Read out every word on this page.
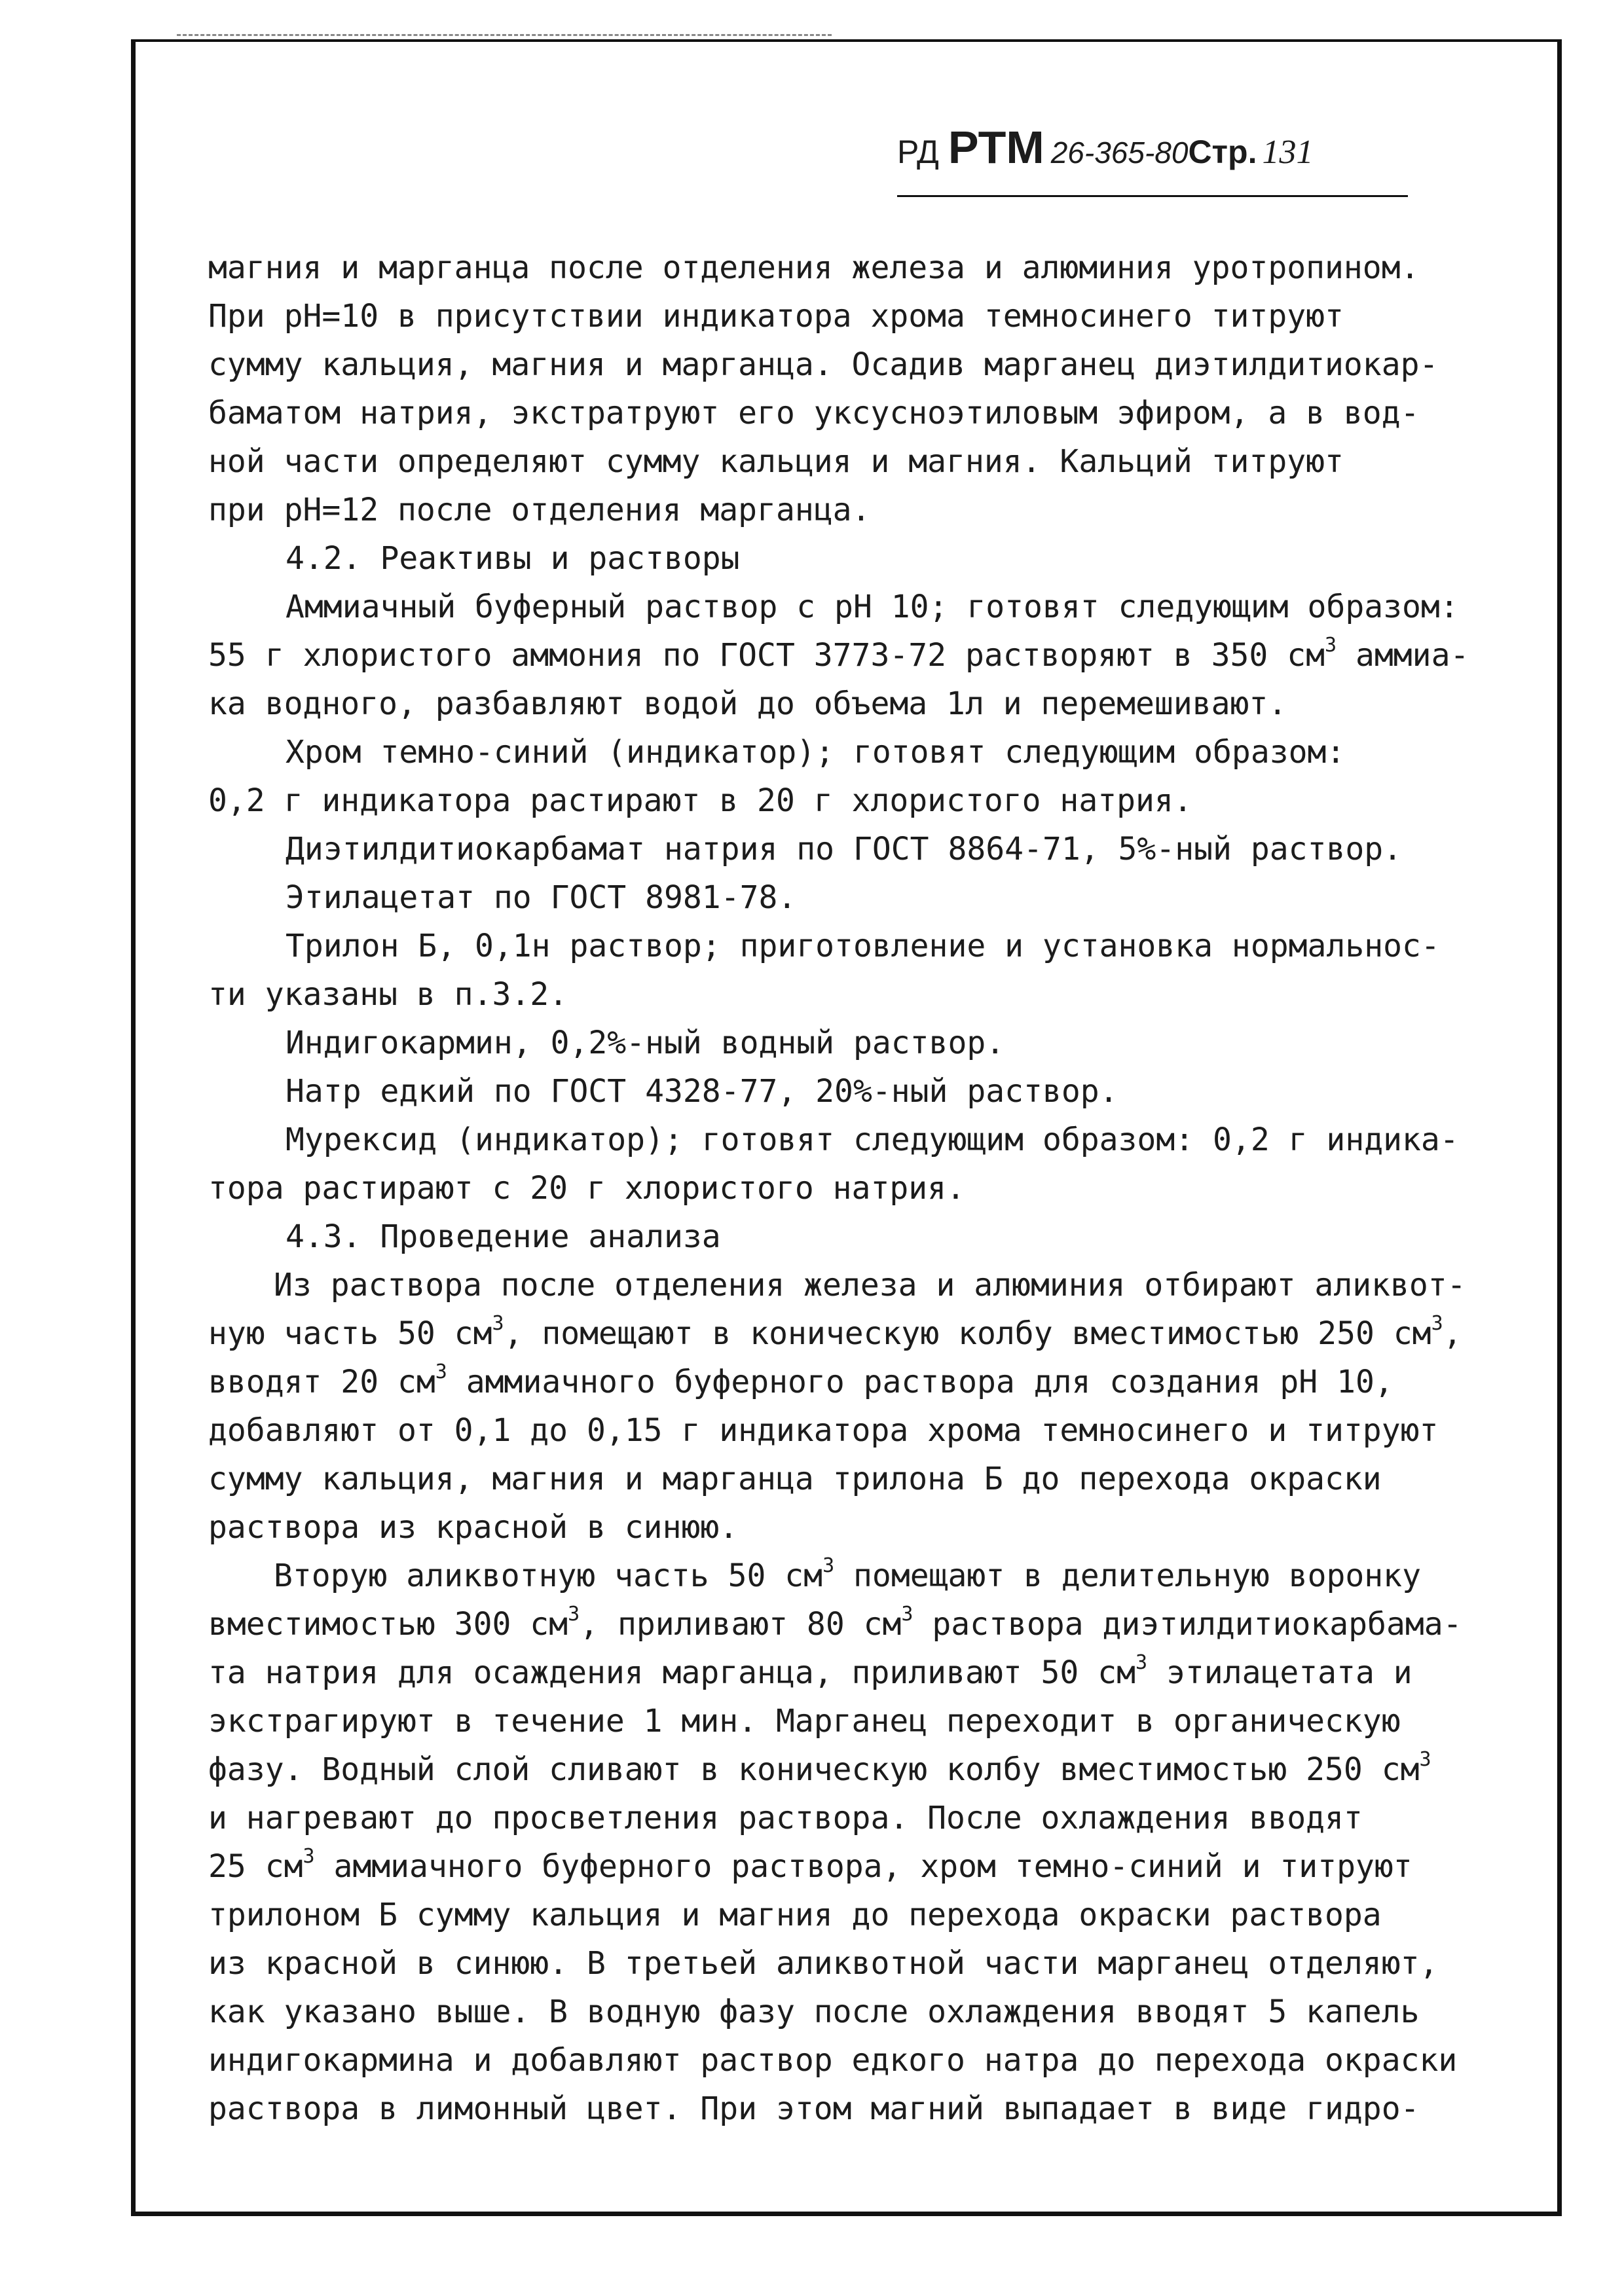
РД РТМ 26-365-80 Стр. 131
магния и марганца после отделения железа и алюминия уротропином.
При рН=10 в присутствии индикатора хрома темносинего титруют
сумму кальция, магния и марганца. Осадив марганец диэтилдитиокар-
баматом натрия, экстратруют его уксусноэтиловым эфиром, а в вод-
ной части определяют сумму кальция и магния. Кальций титруют
при рН=12 после отделения марганца.
4.2. Реактивы и растворы
Аммиачный буферный раствор с рН 10; готовят следующим образом:
55 г хлористого аммония по ГОСТ 3773-72 растворяют в 350 $см^3$ аммиа-
ка водного, разбавляют водой до объема 1л и перемешивают.
Хром темно-синий (индикатор); готовят следующим образом:
0,2 г индикатора растирают в 20 г хлористого натрия.
Диэтилдитиокарбамат натрия по ГОСТ 8864-71, 5%-ный раствор.
Этилацетат по ГОСТ 8981-78.
Трилон Б, 0,1н раствор; приготовление и установка нормальнос-
ти указаны в п.3.2.
Индигокармин, 0,2%-ный водный раствор.
Натр едкий по ГОСТ 4328-77, 20%-ный раствор.
Мурексид (индикатор); готовят следующим образом: 0,2 г индика-
тора растирают с 20 г хлористого натрия.
4.3. Проведение анализа
Из раствора после отделения железа и алюминия отбирают аликвот-
ную часть 50 $см^3$, помещают в коническую колбу вместимостью 250 $см^3$,
вводят 20 $см^3$ аммиачного буферного раствора для создания рН 10,
добавляют от 0,1 до 0,15 г индикатора хрома темносинего и титруют
сумму кальция, магния и марганца трилона Б до перехода окраски
раствора из красной в синюю.
Вторую аликвотную часть 50 $см^3$ помещают в делительную воронку
вместимостью 300 $см^3$, приливают 80 $см^3$ раствора диэтилдитиокарбама-
та натрия для осаждения марганца, приливают 50 $см^3$ этилацетата и
экстрагируют в течение 1 мин. Марганец переходит в органическую
фазу. Водный слой сливают в коническую колбу вместимостью 250 $см^3$
и нагревают до просветления раствора. После охлаждения вводят
25 $см^3$ аммиачного буферного раствора, хром темно-синий и титруют
трилоном Б сумму кальция и магния до перехода окраски раствора
из красной в синюю. В третьей аликвотной части марганец отделяют,
как указано выше. В водную фазу после охлаждения вводят 5 капель
индигокармина и добавляют раствор едкого натра до перехода окраски
раствора в лимонный цвет. При этом магний выпадает в виде гидро-
